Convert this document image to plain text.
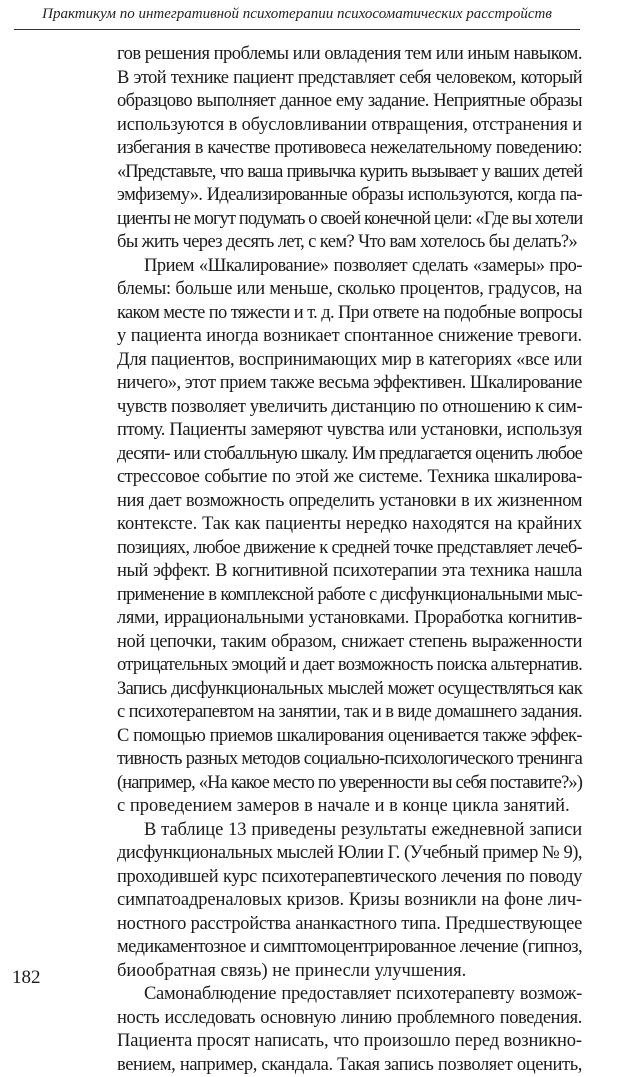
Практикум по интегративной психотерапии психосоматических расстройств
гов решения проблемы или овладения тем или иным навыком.
В этой технике пациент представляет себя человеком, который
образцово выполняет данное ему задание. Неприятные образы
используются в обусловливании отвращения, отстранения и
избегания в качестве противовеса нежелательному поведению:
«Представьте, что ваша привычка курить вызывает у ваших детей
эмфизему». Идеализированные образы используются, когда па-
циенты не могут подумать о своей конечной цели: «Где вы хотели
бы жить через десять лет, с кем? Что вам хотелось бы делать?»
Прием «Шкалирование» позволяет сделать «замеры» про-
блемы: больше или меньше, сколько процентов, градусов, на
каком месте по тяжести и т. д. При ответе на подобные вопросы
у пациента иногда возникает спонтанное снижение тревоги.
Для пациентов, воспринимающих мир в категориях «все или
ничего», этот прием также весьма эффективен. Шкалирование
чувств позволяет увеличить дистанцию по отношению к сим-
птому. Пациенты замеряют чувства или установки, используя
десяти- или стобалльную шкалу. Им предлагается оценить любое
стрессовое событие по этой же системе. Техника шкалирова-
ния дает возможность определить установки в их жизненном
контексте. Так как пациенты нередко находятся на крайних
позициях, любое движение к средней точке представляет лечеб-
ный эффект. В когнитивной психотерапии эта техника нашла
применение в комплексной работе с дисфункциональными мыс-
лями, иррациональными установками. Проработка когнитив-
ной цепочки, таким образом, снижает степень выраженности
отрицательных эмоций и дает возможность поиска альтернатив.
Запись дисфункциональных мыслей может осуществляться как
с психотерапевтом на занятии, так и в виде домашнего задания.
С помощью приемов шкалирования оценивается также эффек-
тивность разных методов социально-психологического тренинга
(например, «На какое место по уверенности вы себя поставите?»)
с проведением замеров в начале и в конце цикла занятий.
В таблице 13 приведены результаты ежедневной записи
дисфункциональных мыслей Юлии Г. (Учебный пример № 9),
проходившей курс психотерапевтического лечения по поводу
симпатоадреналовых кризов. Кризы возникли на фоне лич-
ностного расстройства ананкастного типа. Предшествующее
медикаментозное и симптомоцентрированное лечение (гипноз,
биообратная связь) не принесли улучшения.
Самонаблюдение предоставляет психотерапевту возмож-
ность исследовать основную линию проблемного поведения.
Пациента просят написать, что произошло перед возникно-
вением, например, скандала. Такая запись позволяет оценить,
182
